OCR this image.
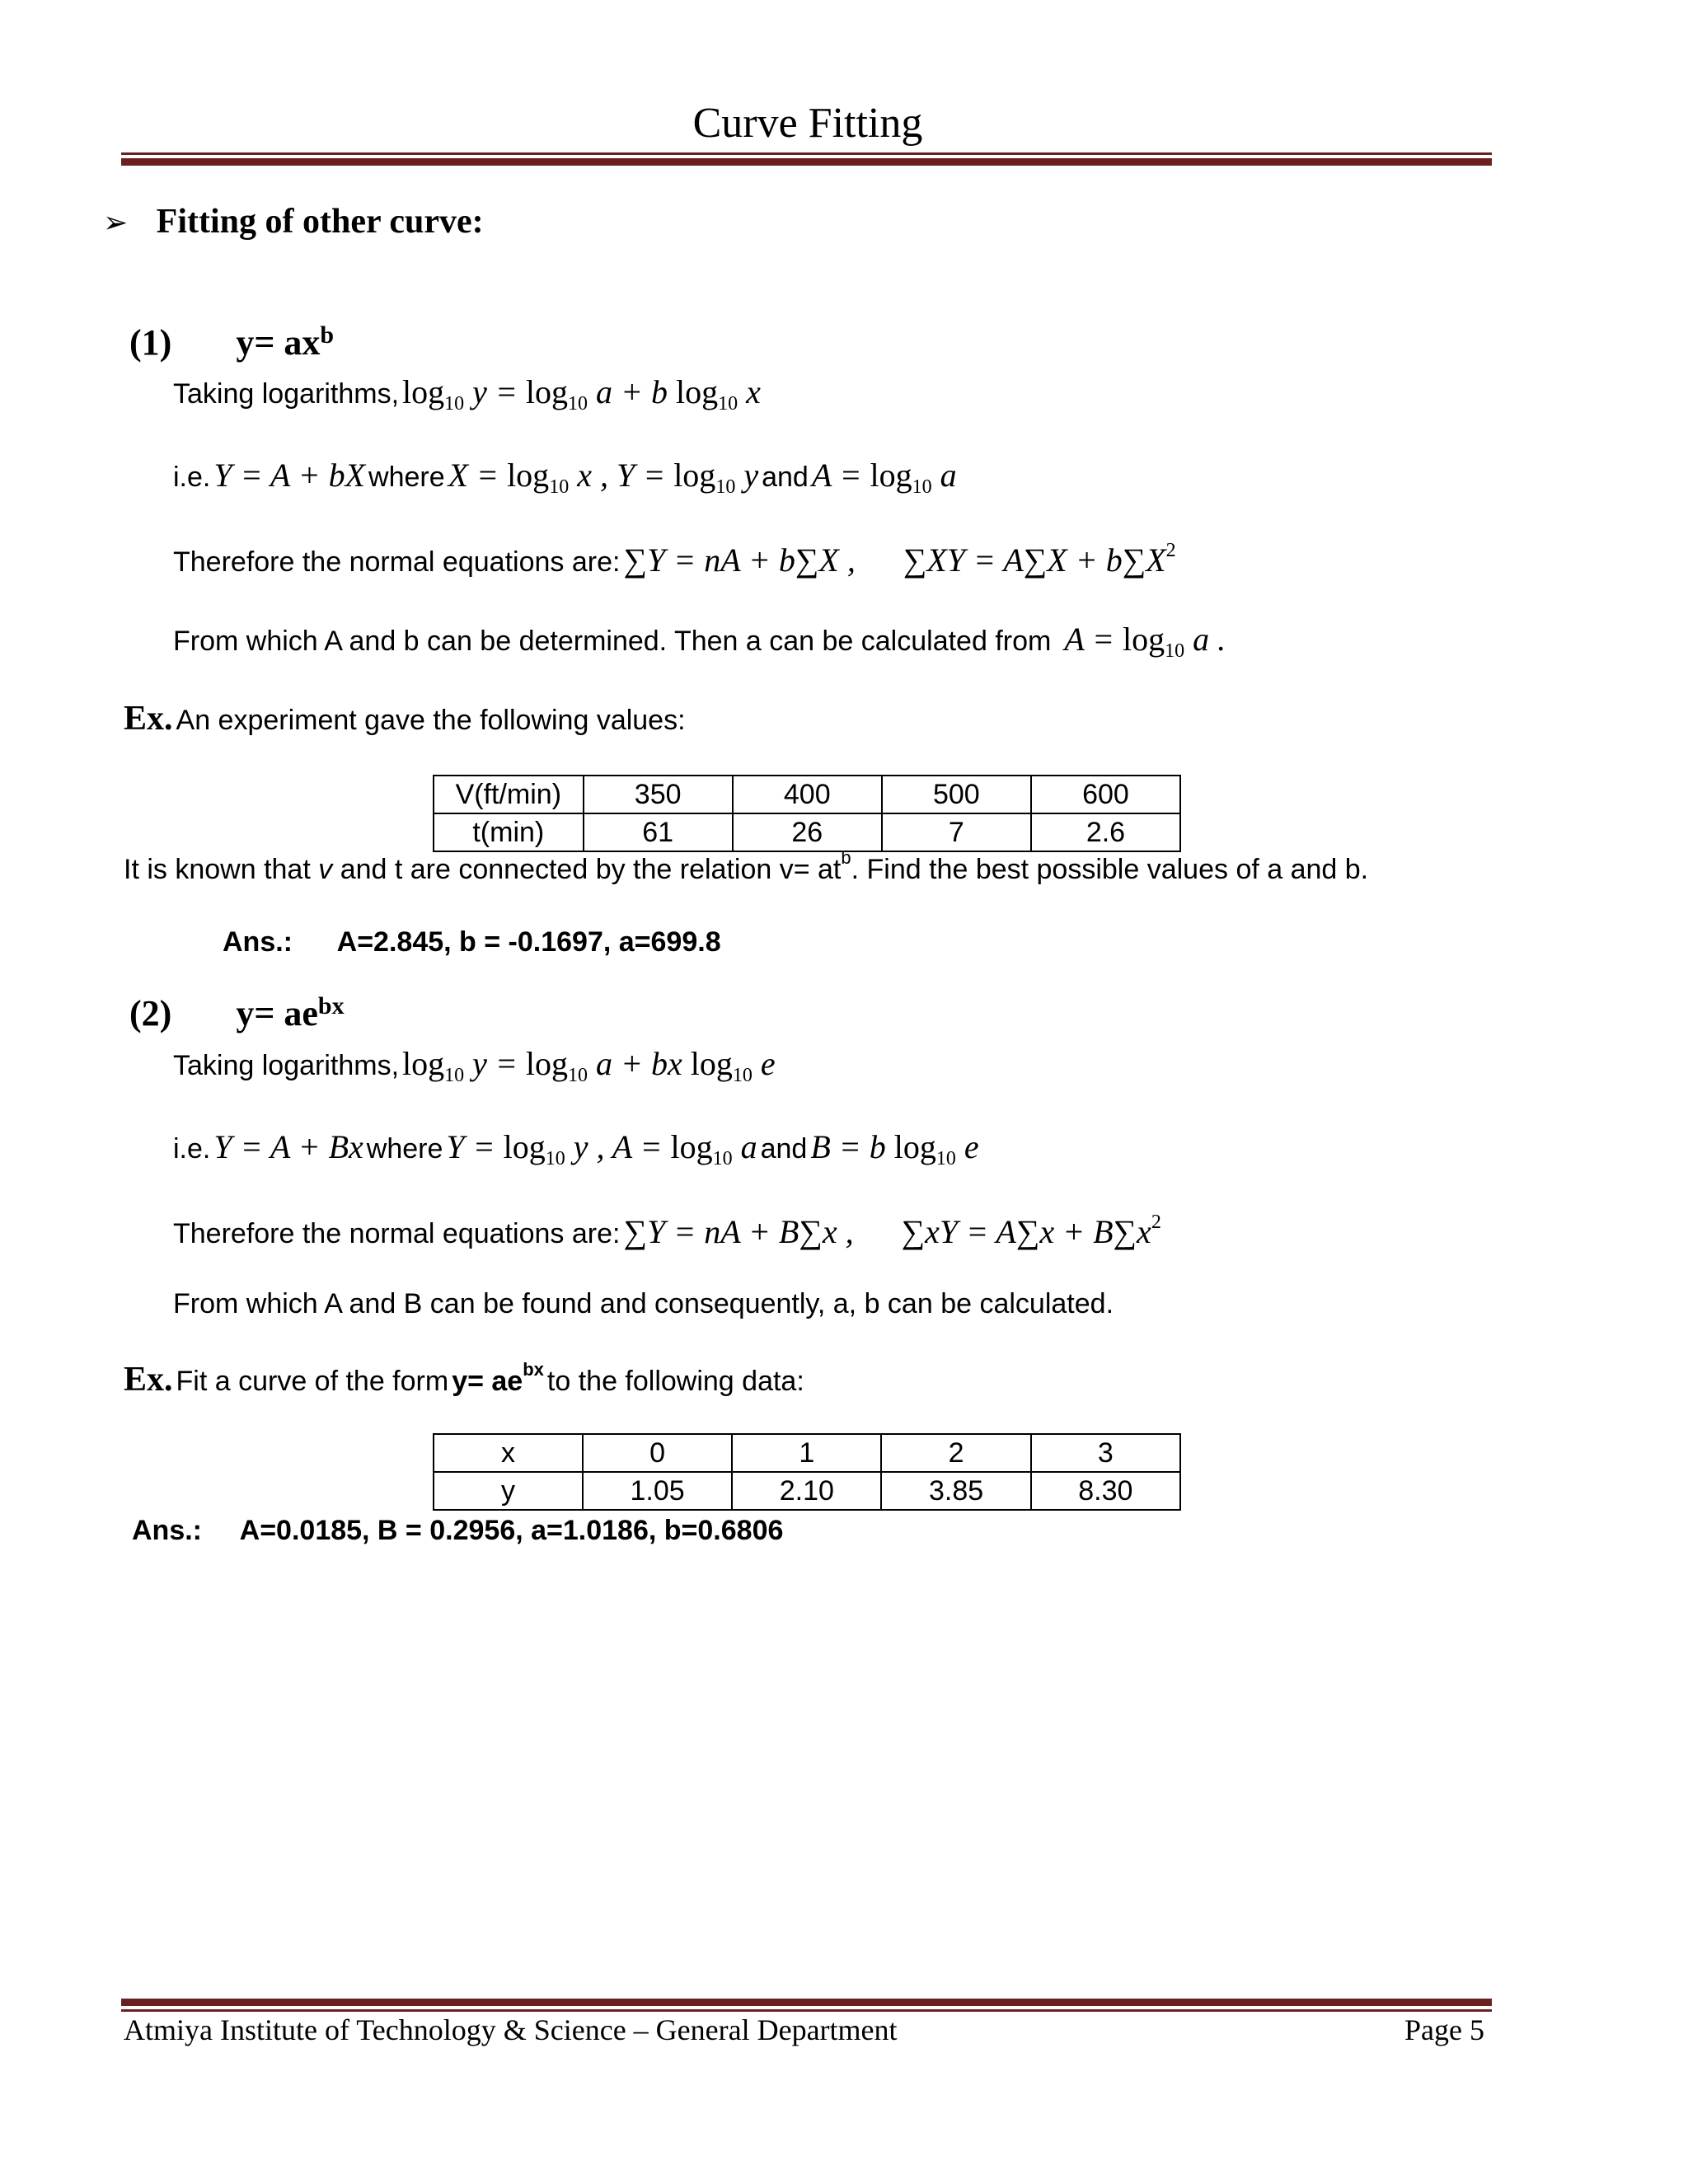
Curve Fitting
➢ Fitting of other curve:
(1) $y= ax^b$
Taking logarithms, $\log_{10} y = \log_{10} a + b$ $\log_{10} x$
i.e. Y = A + bX where $X = \log_{10} x$ , $Y = \log_{10} y$ and $A = \log_{10} a$
Therefore the normal equations are: ∑Y = nA + b∑X , $\sum XY = A\sum X + b\sum X^2$
From which A and b can be determined. Then a can be calculated from $A = \log_{10} a$ .
Ex. An experiment gave the following values:
V(ft/min)	350	400	500	600
t(min)	61	26	7	2.6
It is known that v and t are connected by the relation $v= at^b$. Find the best possible values of a and b.
Ans.: A=2.845, b = -0.1697, a=699.8
(2) $y= ae^{bx}$
Taking logarithms, $\log_{10} y = \log_{10} a$ + bx $\log_{10} e$
i.e. Y = A + Bx where $Y = \log_{10} y$ , $A = \log_{10} a$ and B = b $\log_{10} e$
Therefore the normal equations are: ∑Y = nA + B∑x , $\sum xY = A\sum x + B\sum x^2$
From which A and B can be found and consequently, a, b can be calculated.
Ex. Fit a curve of the form $y= ae^{bx}$ to the following data:
x	0	1	2	3
y	1.05	2.10	3.85	8.30
Ans.: A=0.0185, B = 0.2956, a=1.0186, b=0.6806
Atmiya Institute of Technology & Science – General Department	Page 5
